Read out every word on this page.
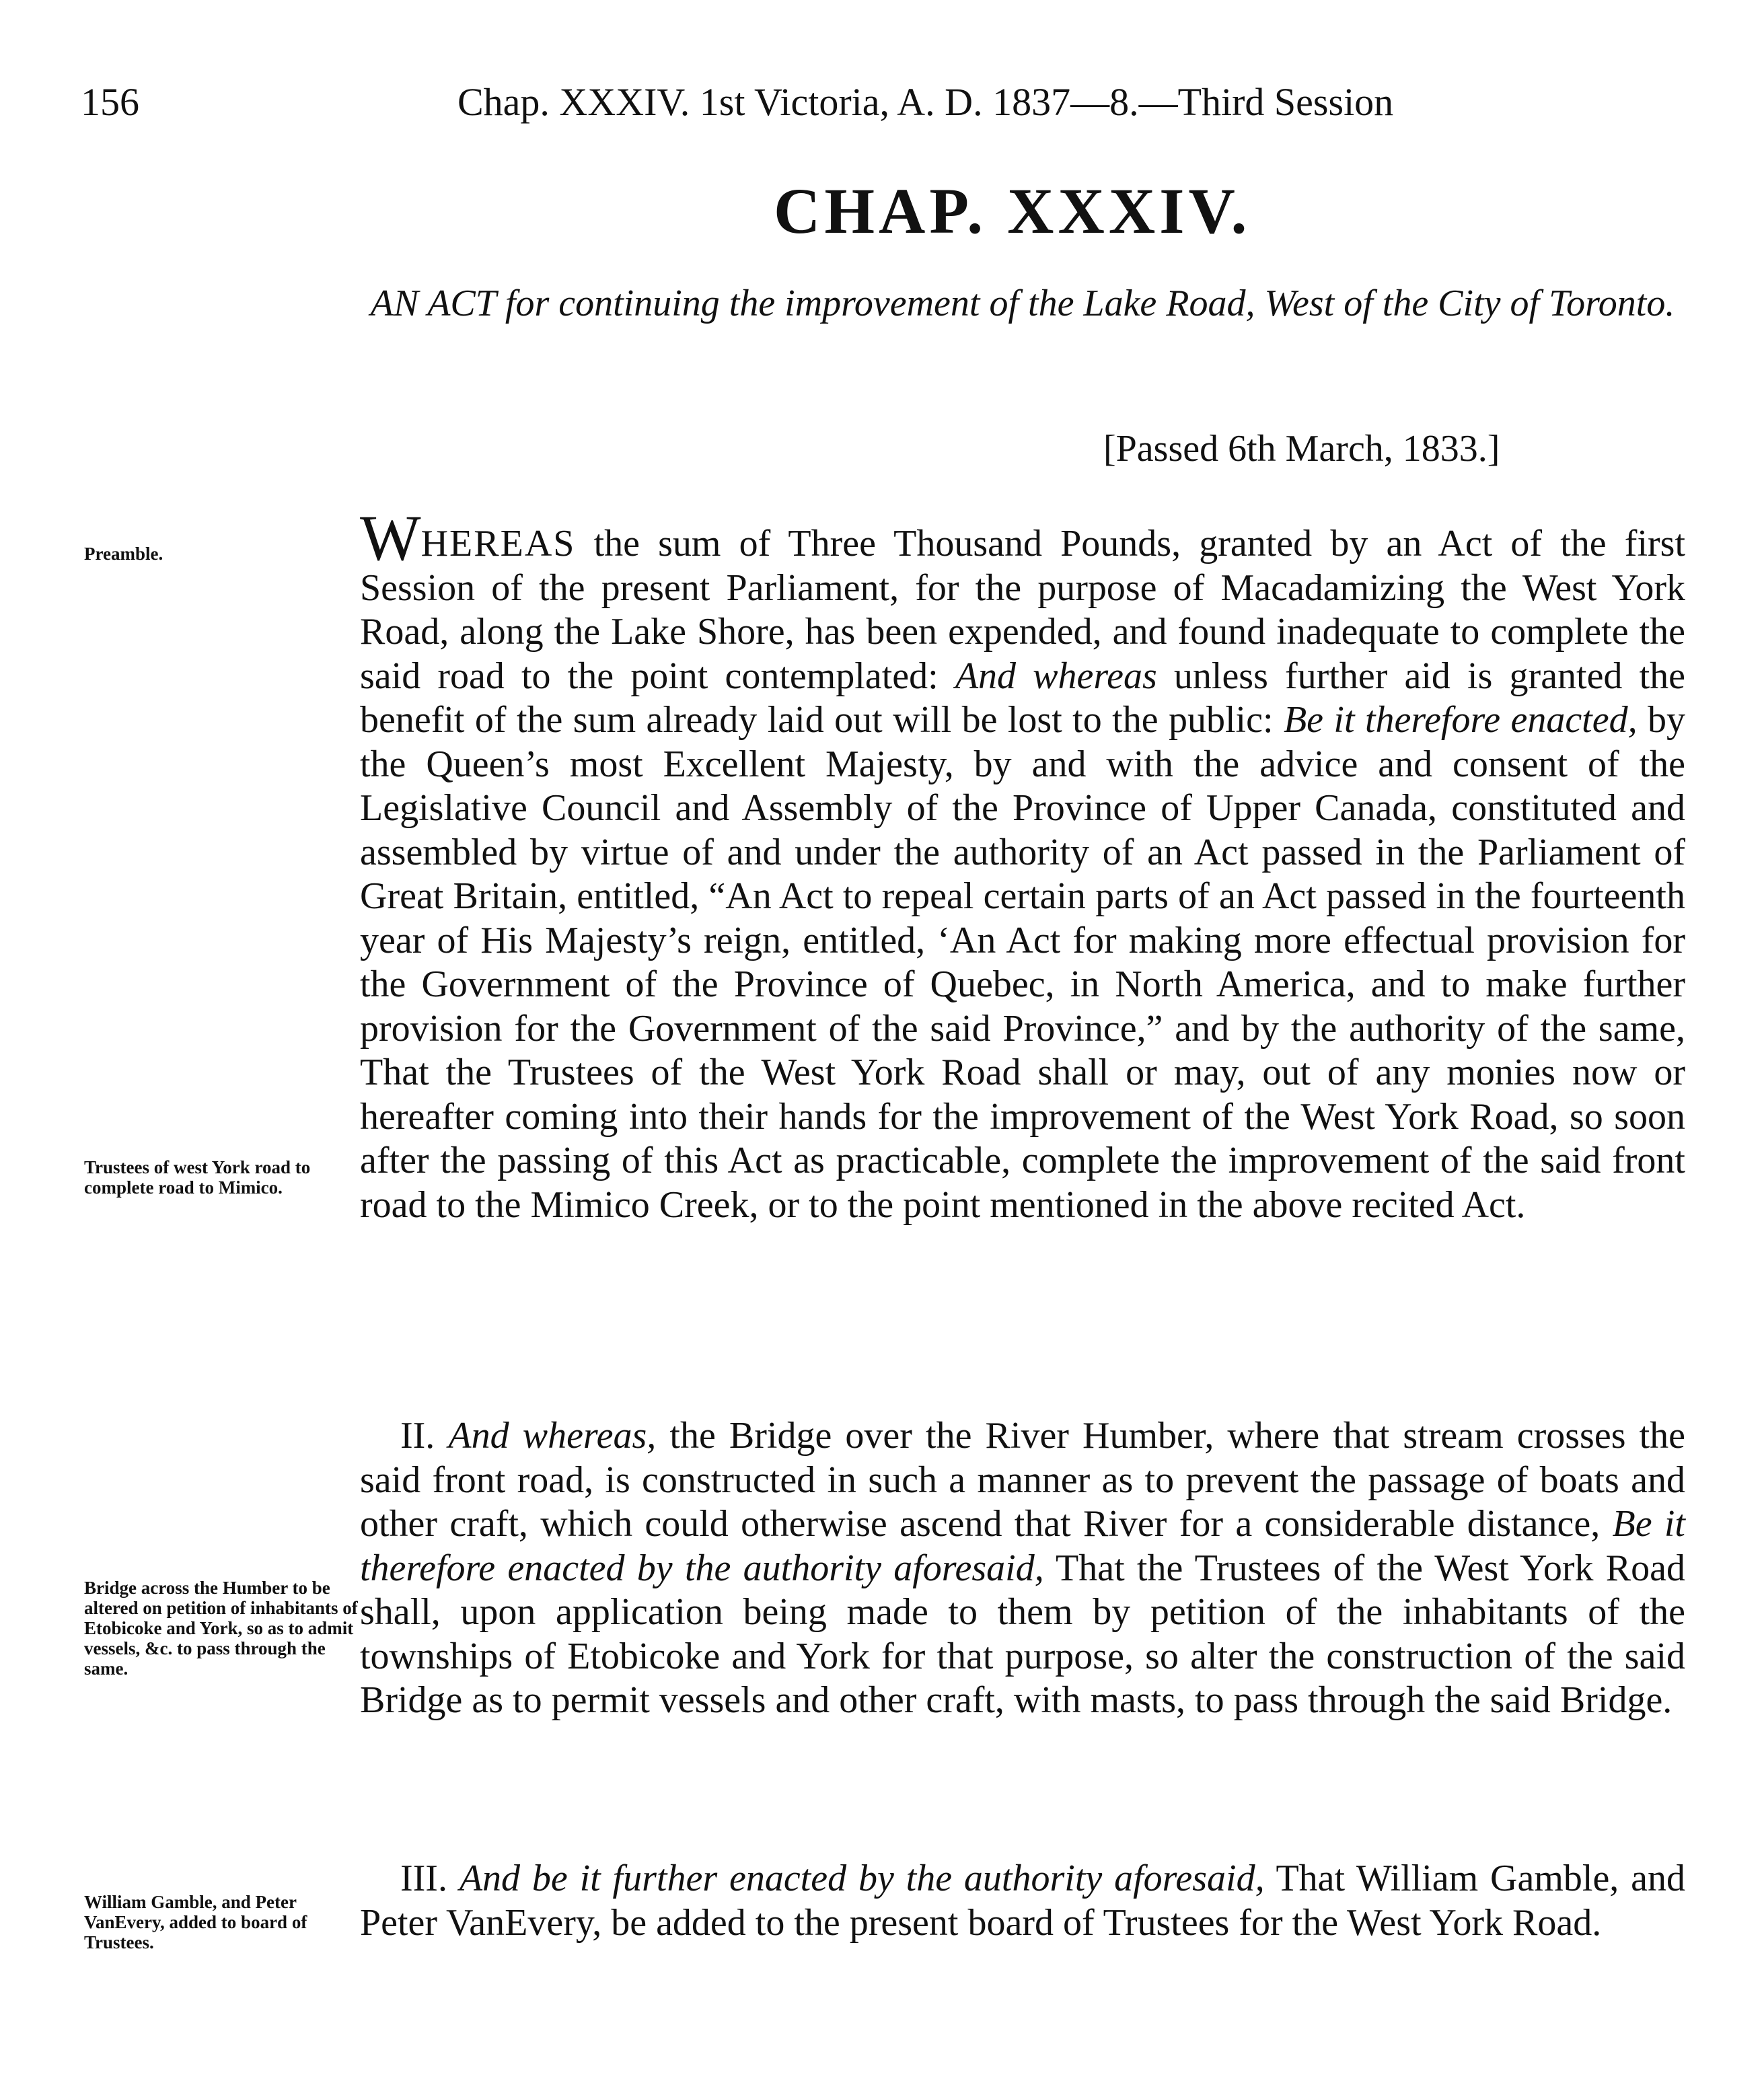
156	Chap. XXXIV. 1st Victoria, A. D. 1837—8.—Third Session
CHAP. XXXIV.
AN ACT for continuing the improvement of the Lake Road, West of the City of Toronto.
[Passed 6th March, 1833.]
Preamble.
Trustees of west York road to complete road to Mimico.
Bridge across the Humber to be altered on petition of inhabitants of Etobicoke and York, so as to admit vessels, &c. to pass through the same.
William Gamble, and Peter VanEvery, added to board of Trustees.
WHEREAS the sum of Three Thousand Pounds, granted by an Act of the first Session of the present Parliament, for the purpose of Macadamizing the West York Road, along the Lake Shore, has been expended, and found inadequate to complete the said road to the point contemplated: And whereas unless further aid is granted the benefit of the sum already laid out will be lost to the public: Be it therefore enacted, by the Queen’s most Excellent Majesty, by and with the advice and consent of the Legislative Council and Assembly of the Province of Upper Canada, constituted and assembled by virtue of and under the authority of an Act passed in the Parliament of Great Britain, entitled, “An Act to repeal certain parts of an Act passed in the fourteenth year of His Majesty’s reign, entitled, ‘An Act for making more effectual provision for the Government of the Province of Quebec, in North America, and to make further provision for the Government of the said Province,” and by the authority of the same, That the Trustees of the West York Road shall or may, out of any monies now or hereafter coming into their hands for the improvement of the West York Road, so soon after the passing of this Act as practicable, complete the improvement of the said front road to the Mimico Creek, or to the point mentioned in the above recited Act.
II. And whereas, the Bridge over the River Humber, where that stream crosses the said front road, is constructed in such a manner as to prevent the passage of boats and other craft, which could otherwise ascend that River for a considerable distance, Be it therefore enacted by the authority aforesaid, That the Trustees of the West York Road shall, upon application being made to them by petition of the inhabitants of the townships of Etobicoke and York for that purpose, so alter the construction of the said Bridge as to permit vessels and other craft, with masts, to pass through the said Bridge.
III. And be it further enacted by the authority aforesaid, That William Gamble, and Peter VanEvery, be added to the present board of Trustees for the West York Road.
